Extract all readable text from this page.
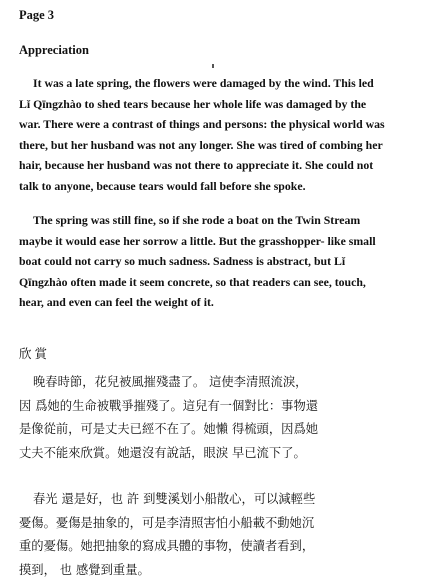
Page 3
Appreciation
It was a late spring, the flowers were damaged by the wind. This led
Lǐ Qīngzhào to shed tears because her whole life was damaged by the
war. There were a contrast of things and persons: the physical world was
there, but her husband was not any longer. She was tired of combing her
hair, because her husband was not there to appreciate it. She could not
talk to anyone, because tears would fall before she spoke.
The spring was still fine, so if she rode a boat on the Twin Stream
maybe it would ease her sorrow a little. But the grasshopper- like small
boat could not carry so much sadness. Sadness is abstract, but Lǐ
Qīngzhào often made it seem concrete, so that readers can see, touch,
hear, and even can feel the weight of it.
欣賞
晚春時節，花兒被風摧殘盡了。 這使李清照流淚，
因 爲她的生命被戰爭摧殘了。這兒有一個對比：事物還
是像從前，可是丈夫已經不在了。她懶 得梳頭，因爲她
丈夫不能來欣賞。她還沒有說話，眼淚 早已流下了。
春光 還是好，也 許 到雙溪划小船散心，可以減輕些
憂傷。憂傷是抽象的，可是李清照害怕小船載不動她沉
重的憂傷。她把抽象的寫成具體的事物，使讀者看到，
摸到， 也 感覺到重量。
